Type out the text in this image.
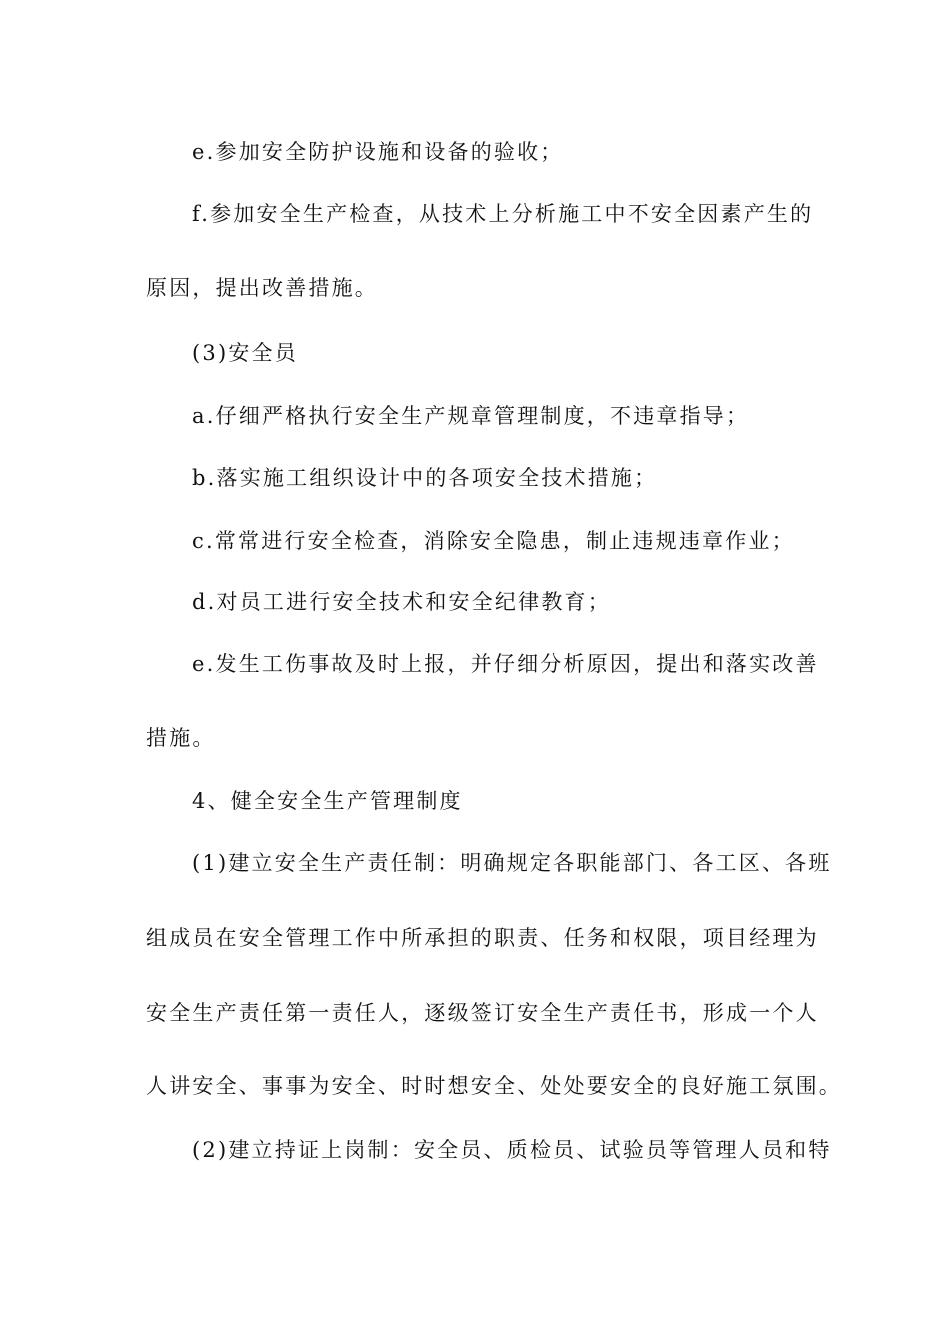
e.参加安全防护设施和设备的验收；
f.参加安全生产检查，从技术上分析施工中不安全因素产生的
原因，提出改善措施。
(3)安全员
a.仔细严格执行安全生产规章管理制度，不违章指导；
b.落实施工组织设计中的各项安全技术措施；
c.常常进行安全检查，消除安全隐患，制止违规违章作业；
d.对员工进行安全技术和安全纪律教育；
e.发生工伤事故及时上报，并仔细分析原因，提出和落实改善
措施。
4、健全安全生产管理制度
(1)建立安全生产责任制：明确规定各职能部门、各工区、各班
组成员在安全管理工作中所承担的职责、任务和权限，项目经理为
安全生产责任第一责任人，逐级签订安全生产责任书，形成一个人
人讲安全、事事为安全、时时想安全、处处要安全的良好施工氛围。
(2)建立持证上岗制：安全员、质检员、试验员等管理人员和特
